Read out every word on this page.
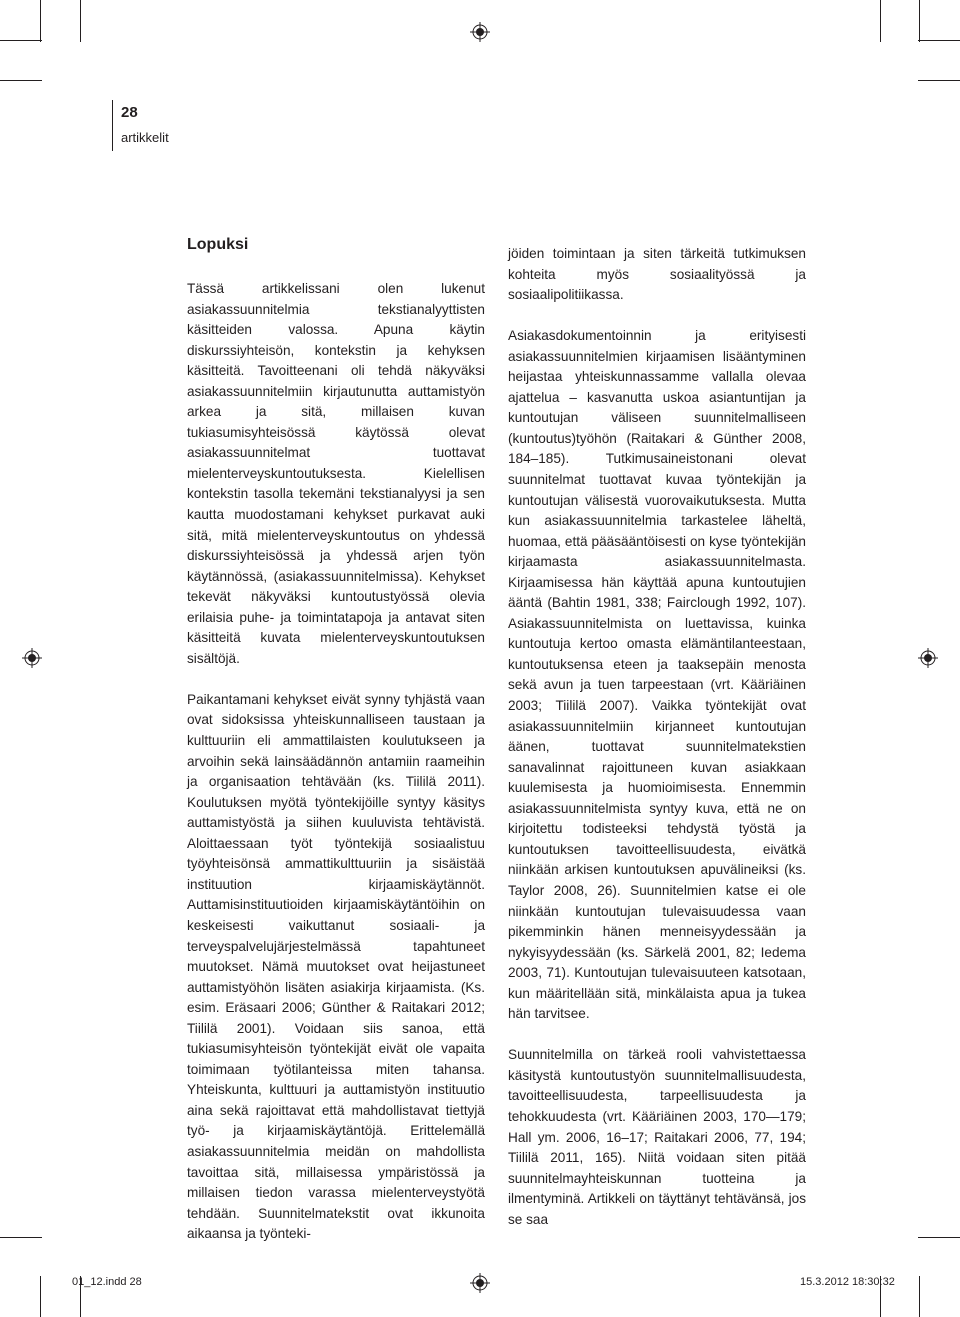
28
artikkelit
Lopuksi

Tässä artikkelissani olen lukenut asiakassuunnitelmia tekstianalyyttisten käsitteiden valossa. Apuna käytin diskurssiyhteisön, kontekstin ja kehyksen käsitteitä. Tavoitteenani oli tehdä näkyväksi asiakassuunnitelmiin kirjautunutta auttamistyön arkea ja sitä, millaisen kuvan tukiasumisyhteisössä käytössä olevat asiakassuunnitelmat tuottavat mielenterveyskuntoutuksesta. Kielellisen kontekstin tasolla tekemäni tekstianalyysi ja sen kautta muodostamani kehykset purkavat auki sitä, mitä mielenterveyskuntoutus on yhdessä diskurssiyhteisössä ja yhdessä arjen työn käytännössä, (asiakassuunnitelmissa). Kehykset tekevät näkyväksi kuntoutustyössä olevia erilaisia puhe- ja toimintatapoja ja antavat siten käsitteitä kuvata mielenterveyskuntoutuksen sisältöjä.

Paikantamani kehykset eivät synny tyhjästä vaan ovat sidoksissa yhteiskunnalliseen taustaan ja kulttuuriin eli ammattilaisten koulutukseen ja arvoihin sekä lainsäädännön antamiin raameihin ja organisaation tehtävään (ks. Tiililä 2011). Koulutuksen myötä työntekijöille syntyy käsitys auttamistyöstä ja siihen kuuluvista tehtävistä. Aloittaessaan työt työntekijä sosiaalistuu työyhteisönsä ammattikulttuuriin ja sisäistää instituution kirjaamiskäytännöt. Auttamisinstituutioiden kirjaamiskäytäntöihin on keskeisesti vaikuttanut sosiaali- ja terveyspalvelujärjestelmässä tapahtuneet muutokset. Nämä muutokset ovat heijastuneet auttamistyöhön lisäten asiakirja kirjaamista. (Ks. esim. Eräsaari 2006; Günther & Raitakari 2012; Tiililä 2001). Voidaan siis sanoa, että tukiasumisyhteisön työntekijät eivät ole vapaita toimimaan työtilanteissa miten tahansa. Yhteiskunta, kulttuuri ja auttamistyön instituutio aina sekä rajoittavat että mahdollistavat tiettyjä työ- ja kirjaamiskäytäntöjä. Erittelemällä asiakassuunnitelmia meidän on mahdollista tavoittaa sitä, millaisessa ympäristössä ja millaisen tiedon varassa mielenterveystyötä tehdään. Suunnitelmatekstit ovat ikkunoita aikaansa ja työnteki-

jöiden toimintaan ja siten tärkeitä tutkimuksen kohteita myös sosiaalityössä ja sosiaalipolitiikassa.

Asiakasdokumentoinnin ja erityisesti asiakassuunnitelmien kirjaamisen lisääntyminen heijastaa yhteiskunnassamme vallalla olevaa ajattelua – kasvanutta uskoa asiantuntijan ja kuntoutujan väliseen suunnitelmalliseen (kuntoutus)työhön (Raitakari & Günther 2008, 184–185). Tutkimusaineistonani olevat suunnitelmat tuottavat kuvaa työntekijän ja kuntoutujan välisestä vuorovaikutuksesta. Mutta kun asiakassuunnitelmia tarkastelee läheltä, huomaa, että pääsääntöisesti on kyse työntekijän kirjaamasta asiakassuunnitelmasta. Kirjaamisessa hän käyttää apuna kuntoutujien ääntä (Bahtin 1981, 338; Fairclough 1992, 107). Asiakassuunnitelmista on luettavissa, kuinka kuntoutuja kertoo omasta elämäntilanteestaan, kuntoutuksensa eteen ja taaksepäin menosta sekä avun ja tuen tarpeestaan (vrt. Kääriäinen 2003; Tiililä 2007). Vaikka työntekijät ovat asiakassuunnitelmiin kirjanneet kuntoutujan äänen, tuottavat suunnitelmatekstien sanavalinnat rajoittuneen kuvan asiakkaan kuulemisesta ja huomioimisesta. Ennemmin asiakassuunnitelmista syntyy kuva, että ne on kirjoitettu todisteeksi tehdystä työstä ja kuntoutuksen tavoitteellisuudesta, eivätkä niinkään arkisen kuntoutuksen apuvälineiksi (ks. Taylor 2008, 26). Suunnitelmien katse ei ole niinkään kuntoutujan tulevaisuudessa vaan pikemminkin hänen menneisyydessään ja nykyisyydessään (ks. Särkelä 2001, 82; Iedema 2003, 71). Kuntoutujan tulevaisuuteen katsotaan, kun määritellään sitä, minkälaista apua ja tukea hän tarvitsee.

Suunnitelmilla on tärkeä rooli vahvistettaessa käsitystä kuntoutustyön suunnitelmallisuudesta, tavoitteellisuudesta, tarpeellisuudesta ja tehokkuudesta (vrt. Kääriäinen 2003, 170—179; Hall ym. 2006, 16–17; Raitakari 2006, 77, 194; Tiililä 2011, 165). Niitä voidaan siten pitää suunnitelmayhteiskunnan tuotteina ja ilmentyminä. Artikkeli on täyttänyt tehtävänsä, jos se saa

01_12.indd 28	15.3.2012 18:30:32
